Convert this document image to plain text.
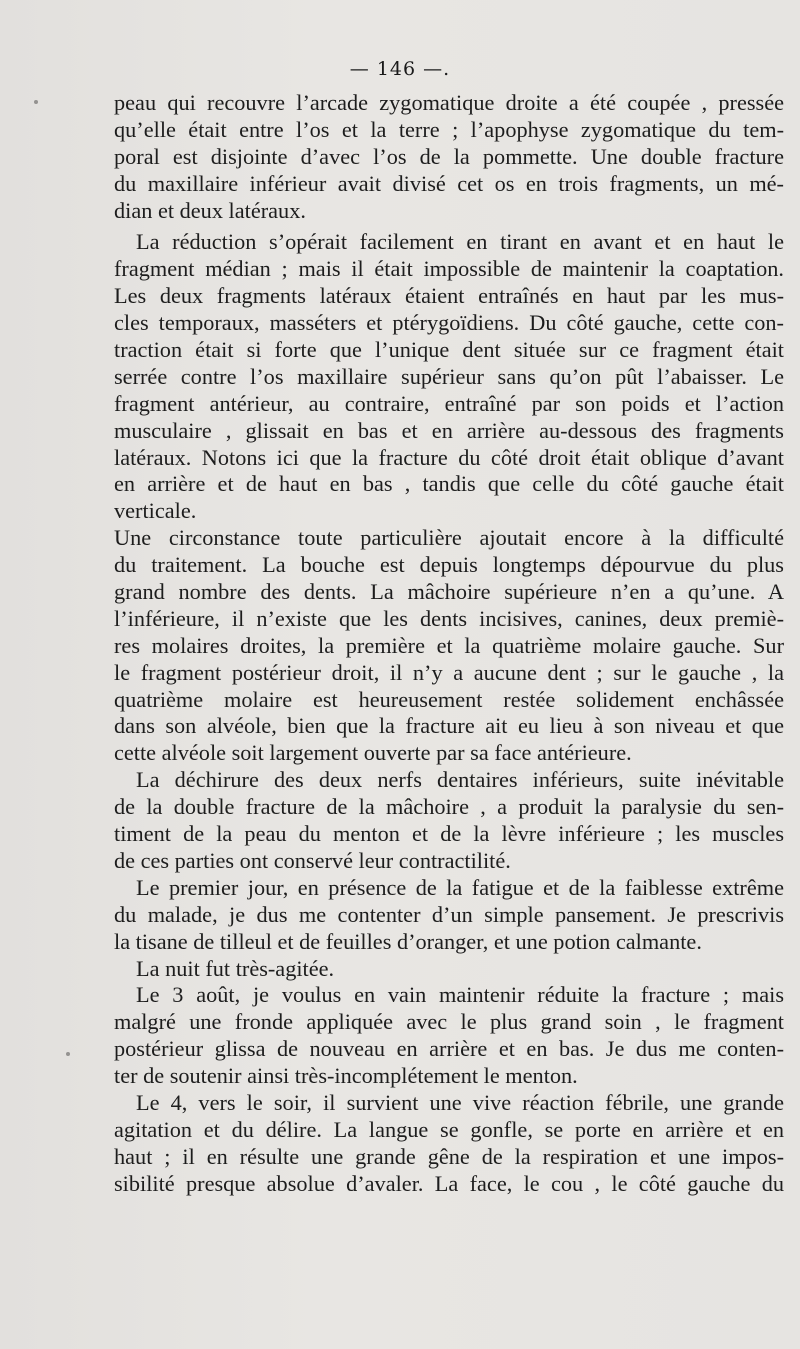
— 146 —.
peau qui recouvre l’arcade zygomatique droite a été coupée , pressée
qu’elle était entre l’os et la terre ; l’apophyse zygomatique du tem-
poral est disjointe d’avec l’os de la pommette. Une double fracture
du maxillaire inférieur avait divisé cet os en trois fragments, un mé-
dian et deux latéraux.
La réduction s’opérait facilement en tirant en avant et en haut le
fragment médian ; mais il était impossible de maintenir la coaptation.
Les deux fragments latéraux étaient entraînés en haut par les mus-
cles temporaux, masséters et ptérygoïdiens. Du côté gauche, cette con-
traction était si forte que l’unique dent située sur ce fragment était
serrée contre l’os maxillaire supérieur sans qu’on pût l’abaisser. Le
fragment antérieur, au contraire, entraîné par son poids et l’action
musculaire , glissait en bas et en arrière au-dessous des fragments
latéraux. Notons ici que la fracture du côté droit était oblique d’avant
en arrière et de haut en bas , tandis que celle du côté gauche était
verticale.
Une circonstance toute particulière ajoutait encore à la difficulté
du traitement. La bouche est depuis longtemps dépourvue du plus
grand nombre des dents. La mâchoire supérieure n’en a qu’une. A
l’inférieure, il n’existe que les dents incisives, canines, deux premiè-
res molaires droites, la première et la quatrième molaire gauche. Sur
le fragment postérieur droit, il n’y a aucune dent ; sur le gauche , la
quatrième molaire est heureusement restée solidement enchâssée
dans son alvéole, bien que la fracture ait eu lieu à son niveau et que
cette alvéole soit largement ouverte par sa face antérieure.
La déchirure des deux nerfs dentaires inférieurs, suite inévitable
de la double fracture de la mâchoire , a produit la paralysie du sen-
timent de la peau du menton et de la lèvre inférieure ; les muscles
de ces parties ont conservé leur contractilité.
Le premier jour, en présence de la fatigue et de la faiblesse extrême
du malade, je dus me contenter d’un simple pansement. Je prescrivis
la tisane de tilleul et de feuilles d’oranger, et une potion calmante.
La nuit fut très-agitée.
Le 3 août, je voulus en vain maintenir réduite la fracture ; mais
malgré une fronde appliquée avec le plus grand soin , le fragment
postérieur glissa de nouveau en arrière et en bas. Je dus me conten-
ter de soutenir ainsi très-incomplétement le menton.
Le 4, vers le soir, il survient une vive réaction fébrile, une grande
agitation et du délire. La langue se gonfle, se porte en arrière et en
haut ; il en résulte une grande gêne de la respiration et une impos-
sibilité presque absolue d’avaler. La face, le cou , le côté gauche du
